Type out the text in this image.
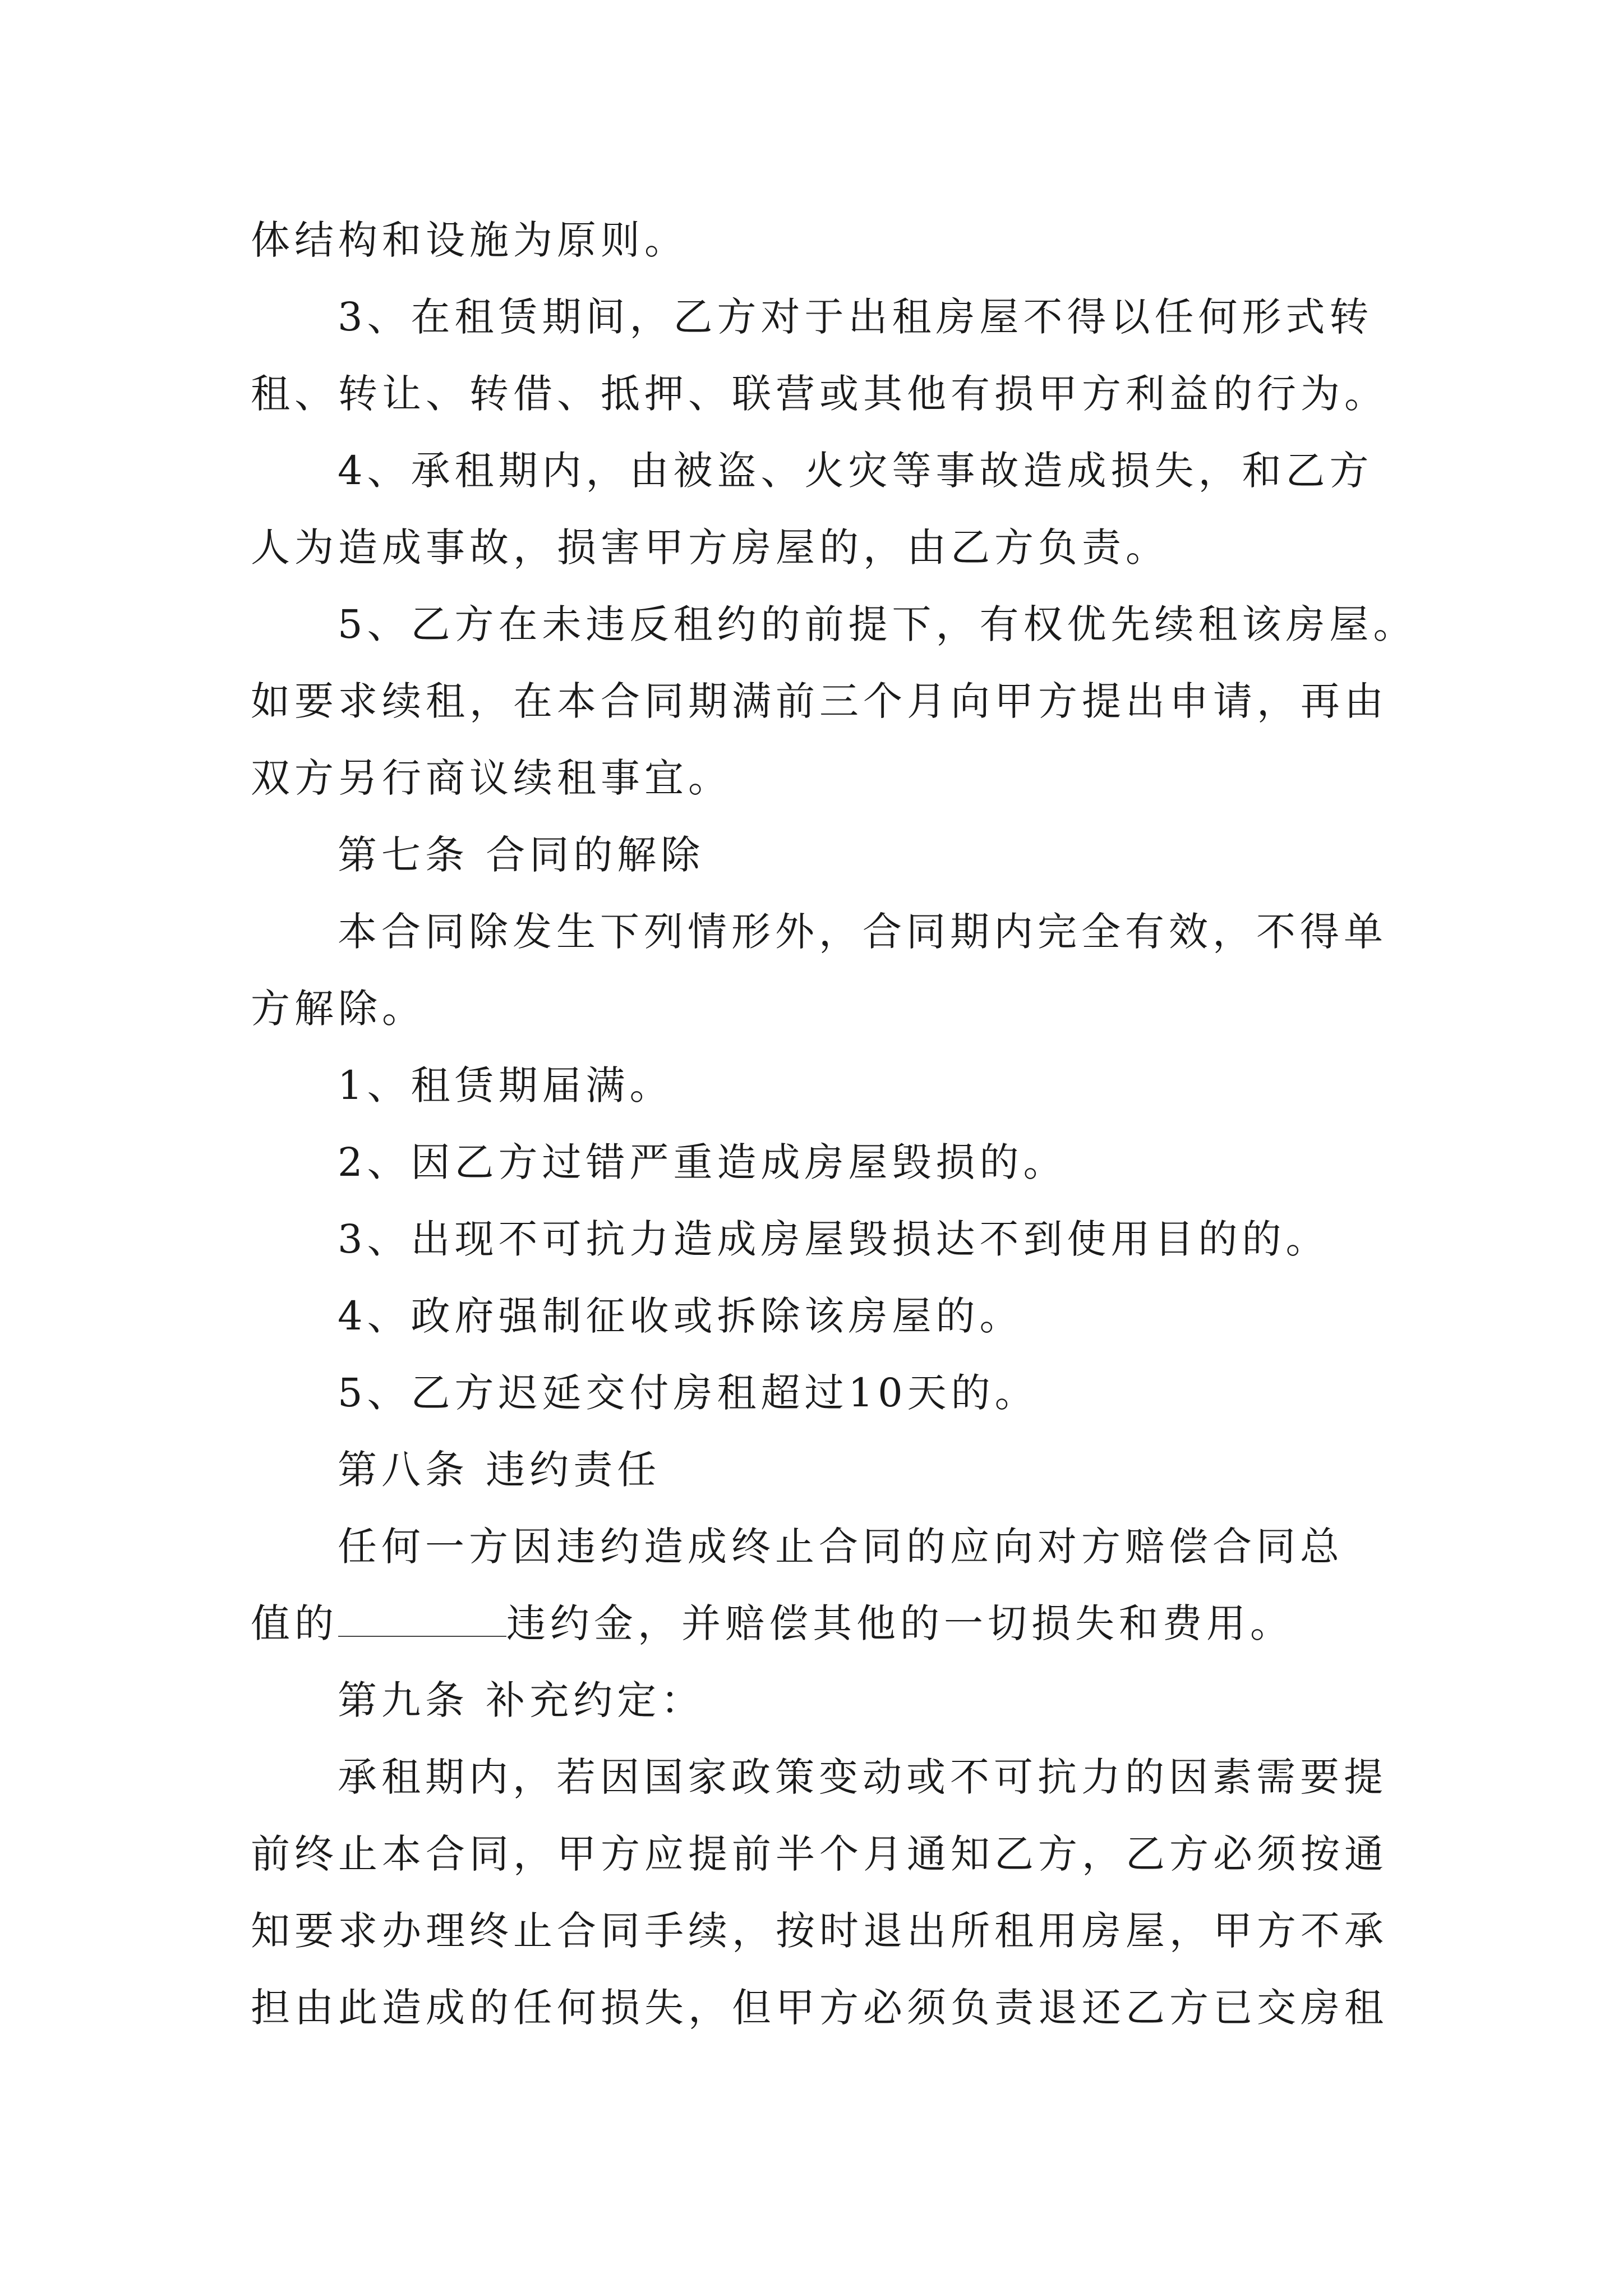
体结构和设施为原则。
3、在租赁期间，乙方对于出租房屋不得以任何形式转
租、转让、转借、抵押、联营或其他有损甲方利益的行为。
4、承租期内，由被盗、火灾等事故造成损失，和乙方
人为造成事故，损害甲方房屋的，由乙方负责。
5、乙方在未违反租约的前提下，有权优先续租该房屋。
如要求续租，在本合同期满前三个月向甲方提出申请，再由
双方另行商议续租事宜。
第七条 合同的解除
本合同除发生下列情形外，合同期内完全有效，不得单
方解除。
1、租赁期届满。
2、因乙方过错严重造成房屋毁损的。
3、出现不可抗力造成房屋毁损达不到使用目的的。
4、政府强制征收或拆除该房屋的。
5、乙方迟延交付房租超过10天的。
第八条 违约责任
任何一方因违约造成终止合同的应向对方赔偿合同总
值的	违约金，并赔偿其他的一切损失和费用。
第九条 补充约定：
承租期内，若因国家政策变动或不可抗力的因素需要提
前终止本合同，甲方应提前半个月通知乙方，乙方必须按通
知要求办理终止合同手续，按时退出所租用房屋，甲方不承
担由此造成的任何损失，但甲方必须负责退还乙方已交房租
